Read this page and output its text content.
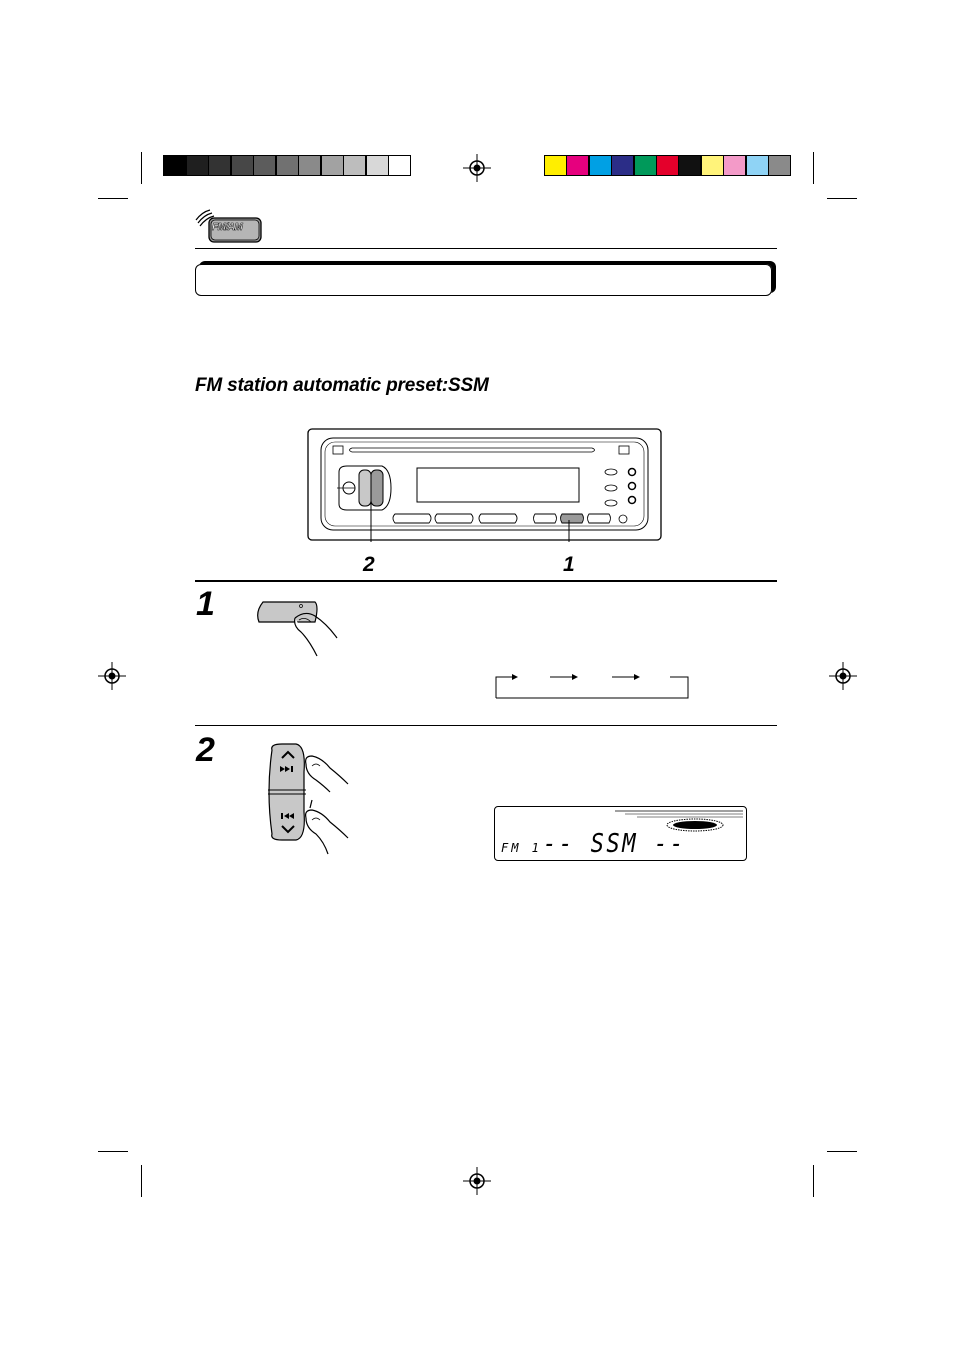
FM/AM
FM station automatic preset:SSM
2	1
1
2
FM 1 -- SSM --
